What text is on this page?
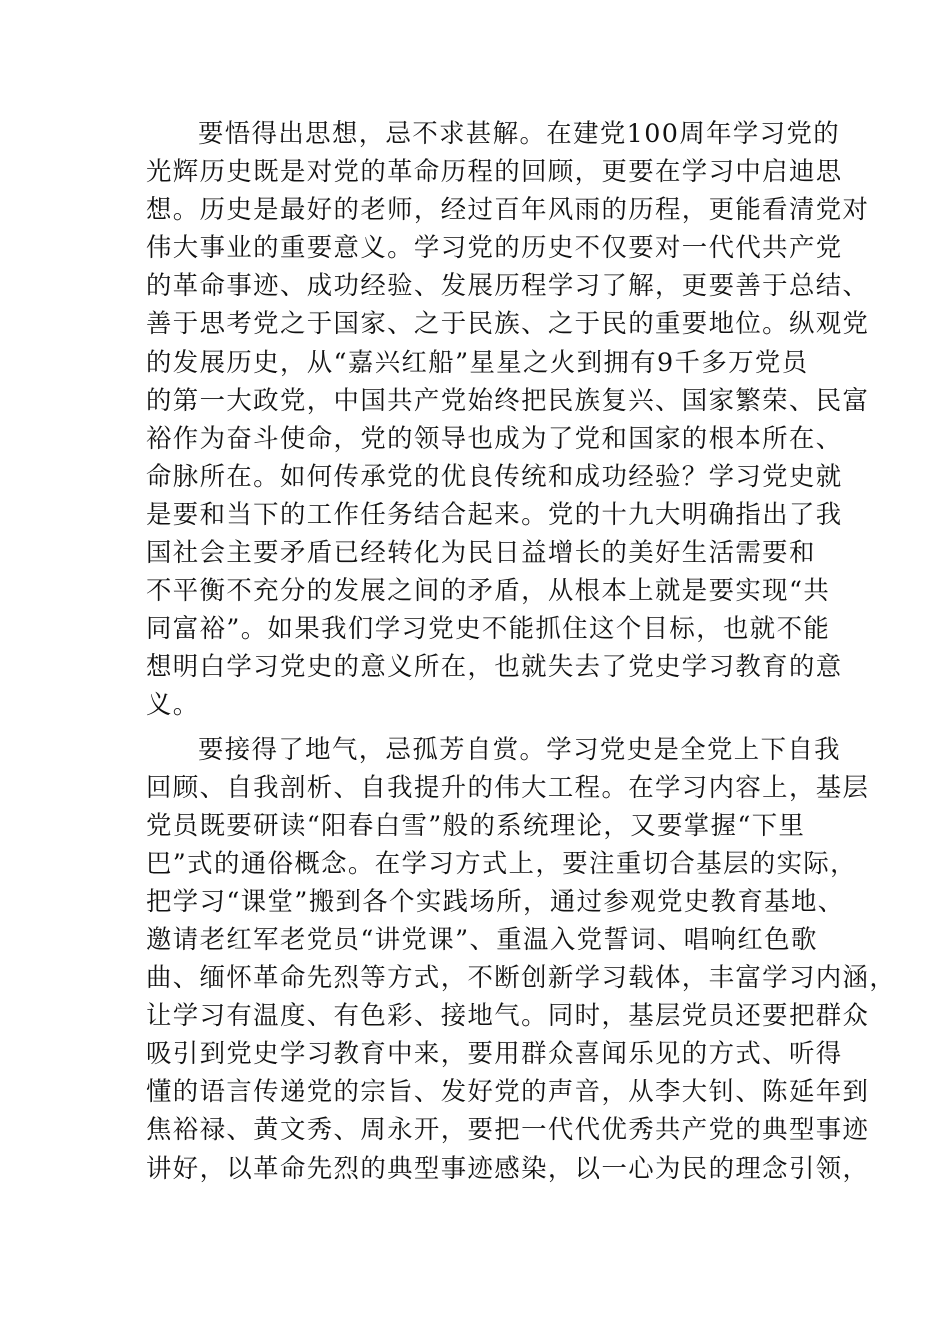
要悟得出思想，忌不求甚解。在建党100周年学习党的
光辉历史既是对党的革命历程的回顾，更要在学习中启迪思
想。历史是最好的老师，经过百年风雨的历程，更能看清党对
伟大事业的重要意义。学习党的历史不仅要对一代代共产党
的革命事迹、成功经验、发展历程学习了解，更要善于总结、
善于思考党之于国家、之于民族、之于民的重要地位。纵观党
的发展历史，从“嘉兴红船”星星之火到拥有9千多万党员
的第一大政党，中国共产党始终把民族复兴、国家繁荣、民富
裕作为奋斗使命，党的领导也成为了党和国家的根本所在、
命脉所在。如何传承党的优良传统和成功经验？学习党史就
是要和当下的工作任务结合起来。党的十九大明确指出了我
国社会主要矛盾已经转化为民日益增长的美好生活需要和
不平衡不充分的发展之间的矛盾，从根本上就是要实现“共
同富裕”。如果我们学习党史不能抓住这个目标，也就不能
想明白学习党史的意义所在，也就失去了党史学习教育的意
义。
要接得了地气，忌孤芳自赏。学习党史是全党上下自我
回顾、自我剖析、自我提升的伟大工程。在学习内容上，基层
党员既要研读“阳春白雪”般的系统理论，又要掌握“下里
巴”式的通俗概念。在学习方式上，要注重切合基层的实际，
把学习“课堂”搬到各个实践场所，通过参观党史教育基地、
邀请老红军老党员“讲党课”、重温入党誓词、唱响红色歌
曲、缅怀革命先烈等方式，不断创新学习载体，丰富学习内涵，
让学习有温度、有色彩、接地气。同时，基层党员还要把群众
吸引到党史学习教育中来，要用群众喜闻乐见的方式、听得
懂的语言传递党的宗旨、发好党的声音，从李大钊、陈延年到
焦裕禄、黄文秀、周永开，要把一代代优秀共产党的典型事迹
讲好，以革命先烈的典型事迹感染，以一心为民的理念引领，
